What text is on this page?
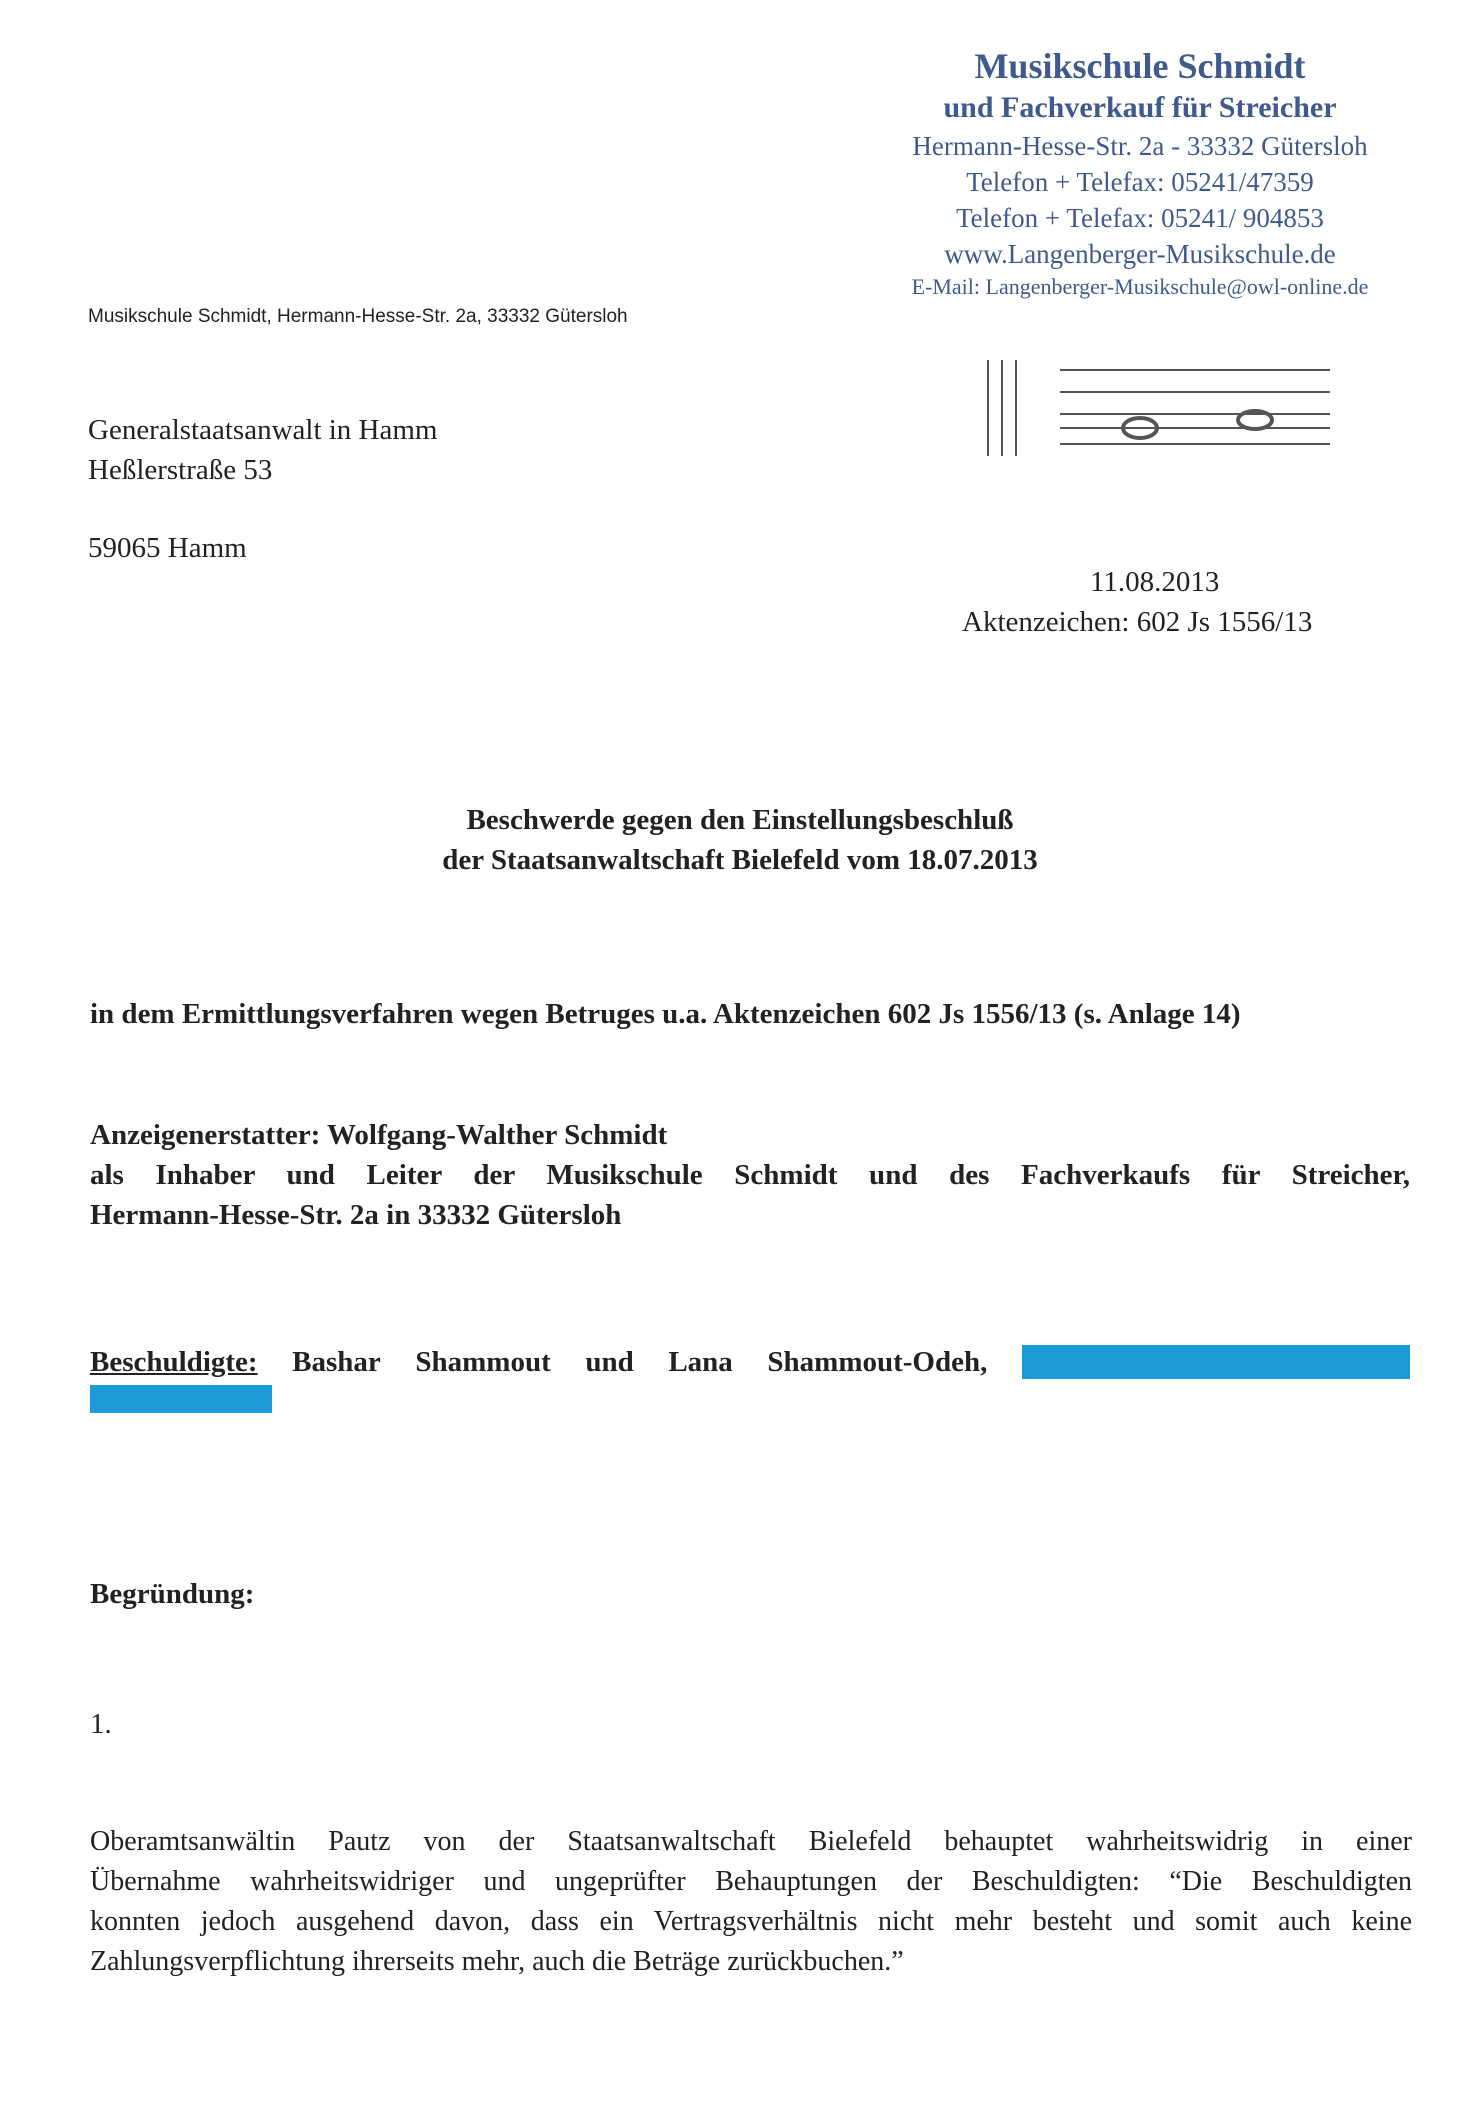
Musikschule Schmidt
und Fachverkauf für Streicher
Hermann-Hesse-Str. 2a - 33332 Gütersloh
Telefon + Telefax: 05241/47359
Telefon + Telefax: 05241/ 904853
www.Langenberger-Musikschule.de
E-Mail: Langenberger-Musikschule@owl-online.de
Musikschule Schmidt, Hermann-Hesse-Str. 2a, 33332 Gütersloh
Generalstaatsanwalt in Hamm
Heßlerstraße 53
59065 Hamm
11.08.2013
Aktenzeichen: 602 Js 1556/13
Beschwerde gegen den Einstellungsbeschluß
der Staatsanwaltschaft Bielefeld vom 18.07.2013
in dem Ermittlungsverfahren wegen Betruges u.a. Aktenzeichen 602 Js 1556/13 (s. Anlage 14)
Anzeigenerstatter: Wolfgang-Walther Schmidt
als Inhaber und Leiter der Musikschule Schmidt und des Fachverkaufs für Streicher,
Hermann-Hesse-Str. 2a in 33332 Gütersloh
Beschuldigte: Bashar Shammout und Lana Shammout-Odeh,
Begründung:
1.
Oberamtsanwältin Pautz von der Staatsanwaltschaft Bielefeld behauptet wahrheitswidrig in einer
Übernahme wahrheitswidriger und ungeprüfter Behauptungen der Beschuldigten: “Die Beschuldigten
konnten jedoch ausgehend davon, dass ein Vertragsverhältnis nicht mehr besteht und somit auch keine
Zahlungsverpflichtung ihrerseits mehr, auch die Beträge zurückbuchen.”
